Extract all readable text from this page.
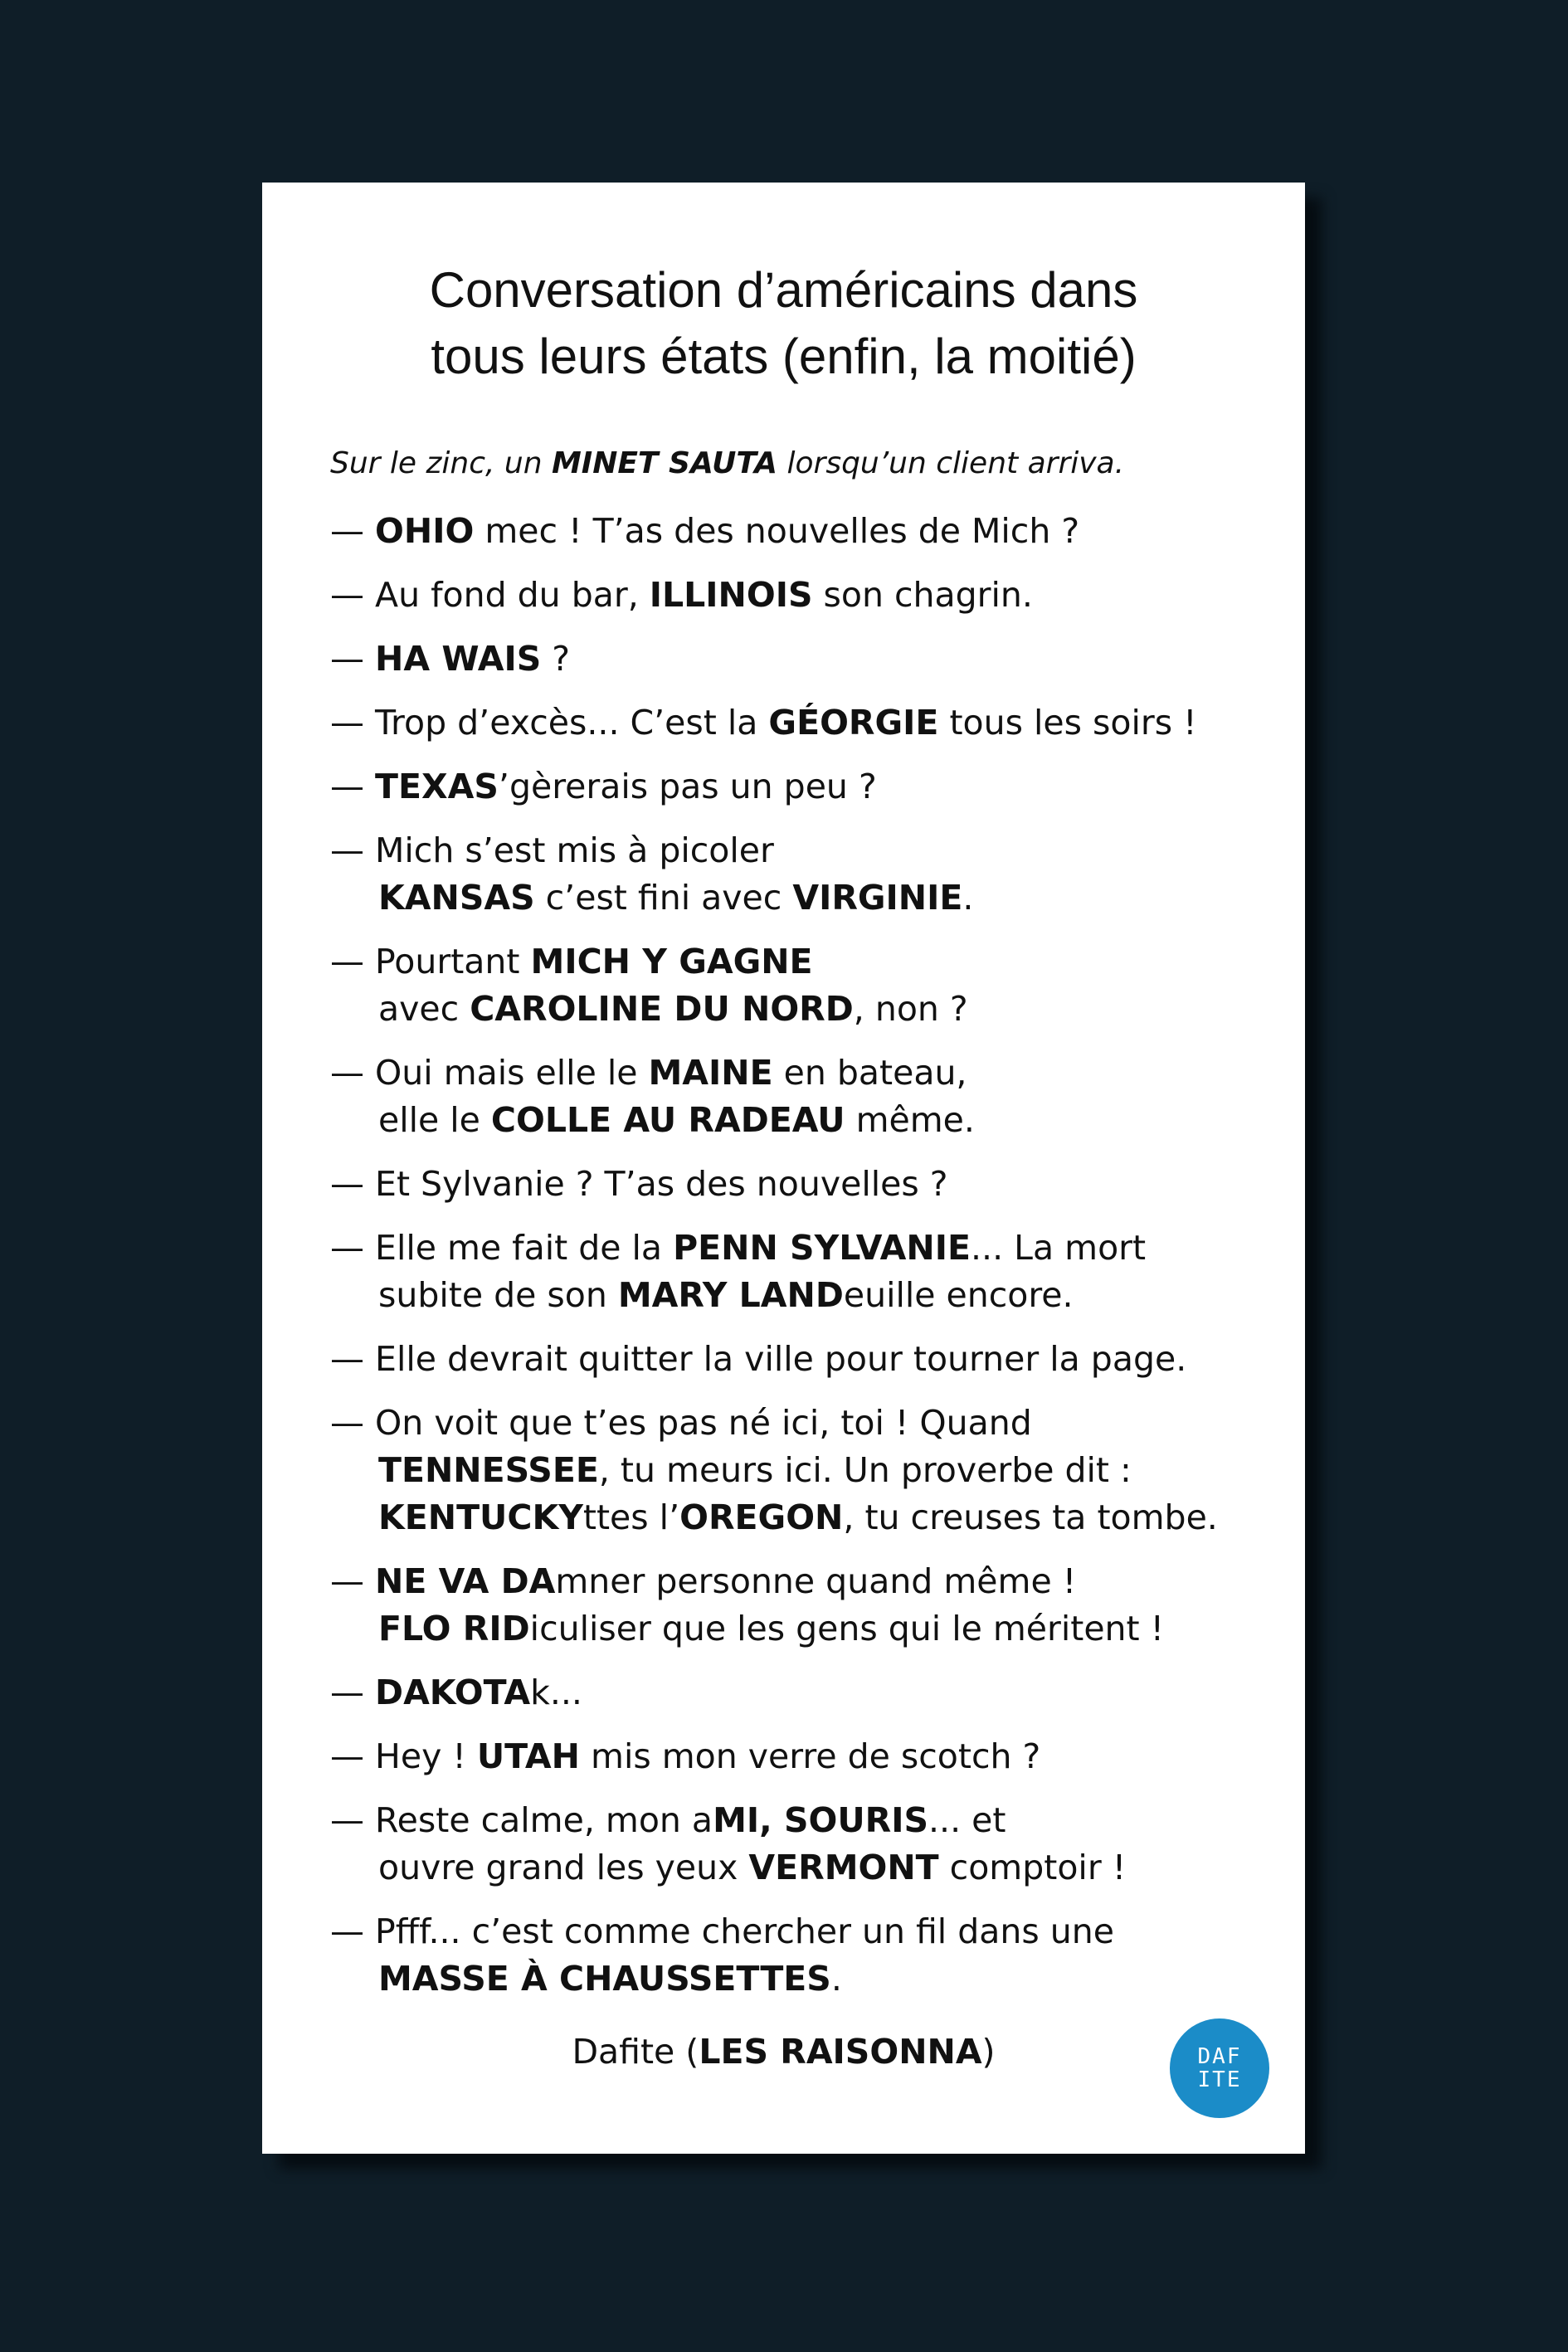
Conversation d’américains dans
tous leurs états (enfin, la moitié)

Sur le zinc, un MINET SAUTA lorsqu’un client arriva.

— OHIO mec ! T’as des nouvelles de Mich ?
— Au fond du bar, ILLINOIS son chagrin.
— HA WAIS ?
— Trop d’excès... C’est la GÉORGIE tous les soirs !
— TEXAS’gèrerais pas un peu ?
— Mich s’est mis à picoler
KANSAS c’est fini avec VIRGINIE.
— Pourtant MICH Y GAGNE
avec CAROLINE DU NORD, non ?
— Oui mais elle le MAINE en bateau,
elle le COLLE AU RADEAU même.
— Et Sylvanie ? T’as des nouvelles ?
— Elle me fait de la PENN SYLVANIE... La mort
subite de son MARY LANDeuille encore.
— Elle devrait quitter la ville pour tourner la page.
— On voit que t’es pas né ici, toi ! Quand
TENNESSEE, tu meurs ici. Un proverbe dit :
KENTUCKYttes l’OREGON, tu creuses ta tombe.
— NE VA DAmner personne quand même !
FLO RIDiculiser que les gens qui le méritent !
— DAKOTAk...
— Hey ! UTAH mis mon verre de scotch ?
— Reste calme, mon aMI, SOURIS... et
ouvre grand les yeux VERMONT comptoir !
— Pfff... c’est comme chercher un fil dans une
MASSE À CHAUSSETTES.

Dafite (LES RAISONNA)	DAF
ITE
